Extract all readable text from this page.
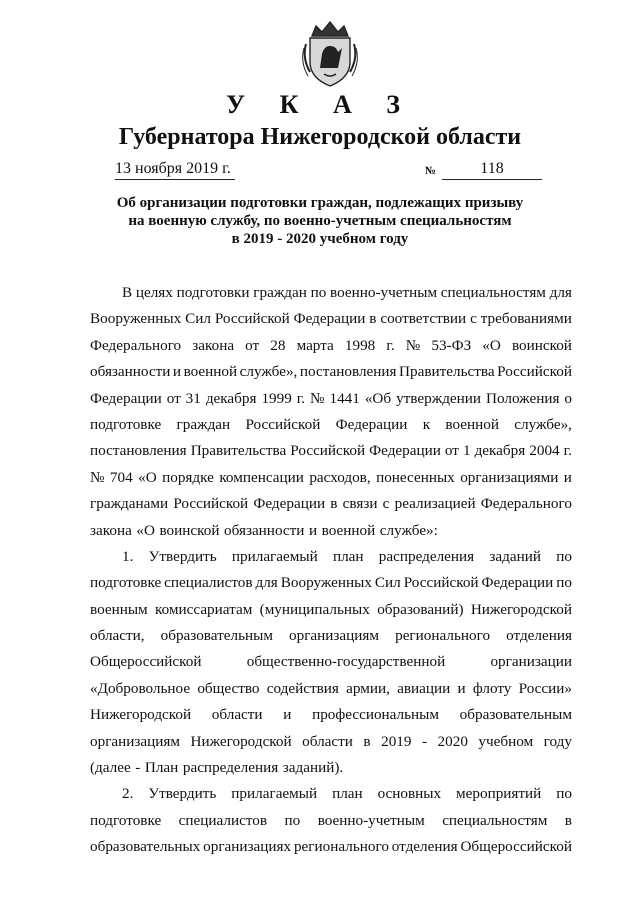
У К А З
Губернатора Нижегородской области
13 ноября 2019 г.	№	118
Об организации подготовки граждан, подлежащих призыву
на военную службу, по военно-учетным специальностям
в 2019 - 2020 учебном году
В целях подготовки граждан по военно-учетным специальностям для
Вооруженных Сил Российской Федерации в соответствии с требованиями
Федерального закона от 28 марта 1998 г. № 53-ФЗ «О воинской
обязанности и военной службе», постановления Правительства Российской
Федерации от 31 декабря 1999 г. № 1441 «Об утверждении Положения о
подготовке граждан Российской Федерации к военной службе»,
постановления Правительства Российской Федерации от 1 декабря 2004 г.
№ 704 «О порядке компенсации расходов, понесенных организациями и
гражданами Российской Федерации в связи с реализацией Федерального
закона «О воинской обязанности и военной службе»:
1. Утвердить прилагаемый план распределения заданий по
подготовке специалистов для Вооруженных Сил Российской Федерации по
военным комиссариатам (муниципальных образований) Нижегородской
области, образовательным организациям регионального отделения
Общероссийской	общественно-государственной	организации
«Добровольное общество содействия армии, авиации и флоту России»
Нижегородской области и профессиональным образовательным
организациям Нижегородской области в 2019 - 2020 учебном году
(далее - План распределения заданий).
2. Утвердить прилагаемый план основных мероприятий по
подготовке специалистов по военно-учетным специальностям в
образовательных организациях регионального отделения Общероссийской
